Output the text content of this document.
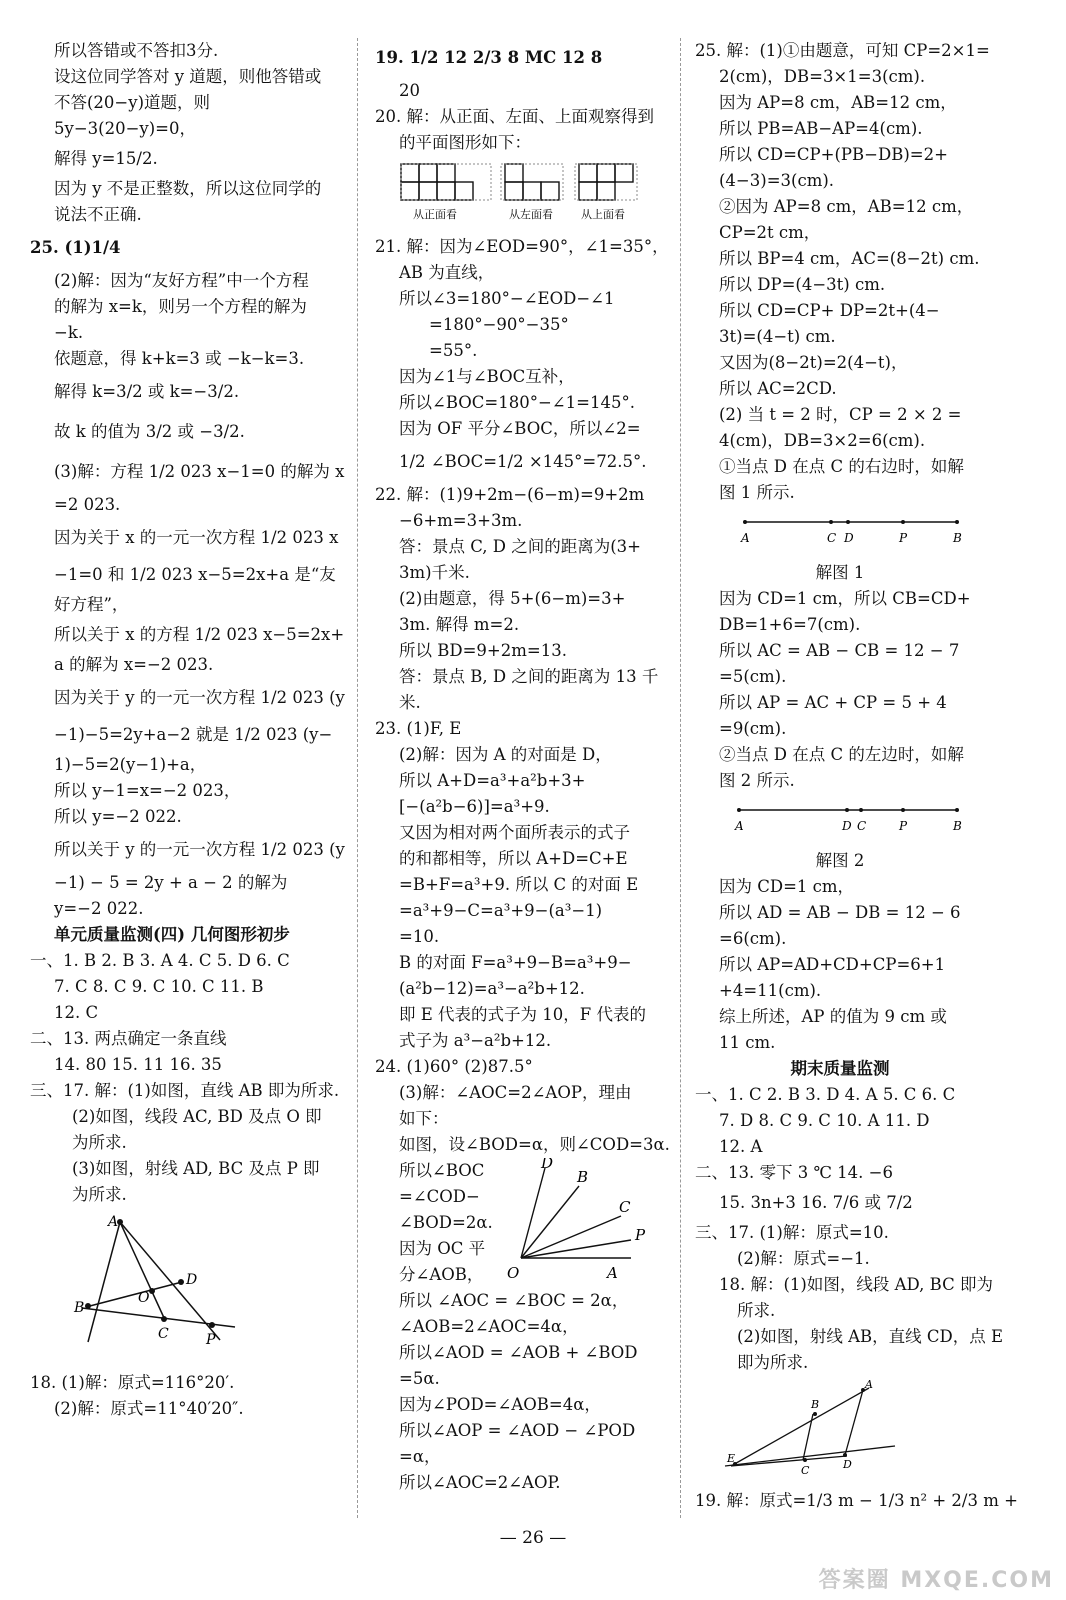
所以答错或不答扣3分.
设这位同学答对 y 道题，则他答错或
不答(20−y)道题，则
5y−3(20−y)=0，
解得 y=15/2.
因为 y 不是正整数，所以这位同学的
说法不正确.
25. (1)1/4
(2)解：因为“友好方程”中一个方程
的解为 x=k，则另一个方程的解为
−k.
依题意，得 k+k=3 或 −k−k=3.
解得 k=3/2 或 k=−3/2.
故 k 的值为 3/2 或 −3/2.
(3)解：方程 1/2 023 x−1=0 的解为 x
=2 023.
因为关于 x 的一元一次方程 1/2 023 x
−1=0 和 1/2 023 x−5=2x+a 是“友
好方程”，
所以关于 x 的方程 1/2 023 x−5=2x+
a 的解为 x=−2 023.
因为关于 y 的一元一次方程 1/2 023 (y
−1)−5=2y+a−2 就是 1/2 023 (y−
1)−5=2(y−1)+a，
所以 y−1=x=−2 023，
所以 y=−2 022.
所以关于 y 的一元一次方程 1/2 023 (y
−1) − 5 = 2y + a − 2 的解为
y=−2 022.
单元质量监测(四) 几何图形初步
一、1. B 2. B 3. A 4. C 5. D 6. C
7. C 8. C 9. C 10. C 11. B
12. C
二、13. 两点确定一条直线
14. 80 15. 11 16. 35
三、17. 解：(1)如图，直线 AB 即为所求.
(2)如图，线段 AC, BD 及点 O 即
为所求.
(3)如图，射线 AD, BC 及点 P 即
为所求.
A
B
O
C
D
P
18. (1)解：原式=116°20′.
(2)解：原式=11°40′20″.
19. 1/2 12 2/3 8 MC 12 8
20
20. 解：从正面、左面、上面观察得到
的平面图形如下：
从正面看	从左面看	从上面看
21. 解：因为∠EOD=90°，∠1=35°，
AB 为直线，
所以∠3=180°−∠EOD−∠1
=180°−90°−35°
=55°.
因为∠1与∠BOC互补，
所以∠BOC=180°−∠1=145°.
因为 OF 平分∠BOC，所以∠2=
1/2 ∠BOC=1/2 ×145°=72.5°.
22. 解：(1)9+2m−(6−m)=9+2m
−6+m=3+3m.
答：景点 C, D 之间的距离为(3+
3m)千米.
(2)由题意，得 5+(6−m)=3+
3m. 解得 m=2.
所以 BD=9+2m=13.
答：景点 B, D 之间的距离为 13 千
米.
23. (1)F, E
(2)解：因为 A 的对面是 D，
所以 A+D=a³+a²b+3+
[−(a²b−6)]=a³+9.
又因为相对两个面所表示的式子
的和都相等，所以 A+D=C+E
=B+F=a³+9. 所以 C 的对面 E
=a³+9−C=a³+9−(a³−1)
=10.
B 的对面 F=a³+9−B=a³+9−
(a²b−12)=a³−a²b+12.
即 E 代表的式子为 10，F 代表的
式子为 a³−a²b+12.
24. (1)60° (2)87.5°
(3)解：∠AOC=2∠AOP，理由
如下：
如图，设∠BOD=α，则∠COD=3α.
所以∠BOC
=∠COD−
∠BOD=2α.
因为 OC 平
分∠AOB，
D
B
C
P
O	A
所以 ∠AOC = ∠BOC = 2α，
∠AOB=2∠AOC=4α，
所以∠AOD = ∠AOB + ∠BOD
=5α.
因为∠POD=∠AOB=4α，
所以∠AOP = ∠AOD − ∠POD
=α，
所以∠AOC=2∠AOP.
25. 解：(1)①由题意，可知 CP=2×1=
2(cm)，DB=3×1=3(cm).
因为 AP=8 cm，AB=12 cm，
所以 PB=AB−AP=4(cm).
所以 CD=CP+(PB−DB)=2+
(4−3)=3(cm).
②因为 AP=8 cm，AB=12 cm，
CP=2t cm，
所以 BP=4 cm，AC=(8−2t) cm.
所以 DP=(4−3t) cm.
所以 CD=CP+ DP=2t+(4−
3t)=(4−t) cm.
又因为(8−2t)=2(4−t)，
所以 AC=2CD.
(2) 当 t = 2 时，CP = 2 × 2 =
4(cm)，DB=3×2=6(cm).
①当点 D 在点 C 的右边时，如解
图 1 所示.
A	C D	P	B
解图 1
因为 CD=1 cm，所以 CB=CD+
DB=1+6=7(cm).
所以 AC = AB − CB = 12 − 7
=5(cm).
所以 AP = AC + CP = 5 + 4
=9(cm).
②当点 D 在点 C 的左边时，如解
图 2 所示.
A	D C	P	B
解图 2
因为 CD=1 cm，
所以 AD = AB − DB = 12 − 6
=6(cm).
所以 AP=AD+CD+CP=6+1
+4=11(cm).
综上所述，AP 的值为 9 cm 或
11 cm.
期末质量监测
一、1. C 2. B 3. D 4. A 5. C 6. C
7. D 8. C 9. C 10. A 11. D
12. A
二、13. 零下 3 ℃ 14. −6
15. 3n+3 16. 7/6 或 7/2
三、17. (1)解：原式=10.
(2)解：原式=−1.
18. 解：(1)如图，线段 AD, BC 即为
所求.
(2)如图，射线 AB，直线 CD，点 E
即为所求.
A
B
E
C	D
19. 解：原式=1/3 m − 1/3 n² + 2/3 m +
— 26 —
答案圈 MXQE.COM
